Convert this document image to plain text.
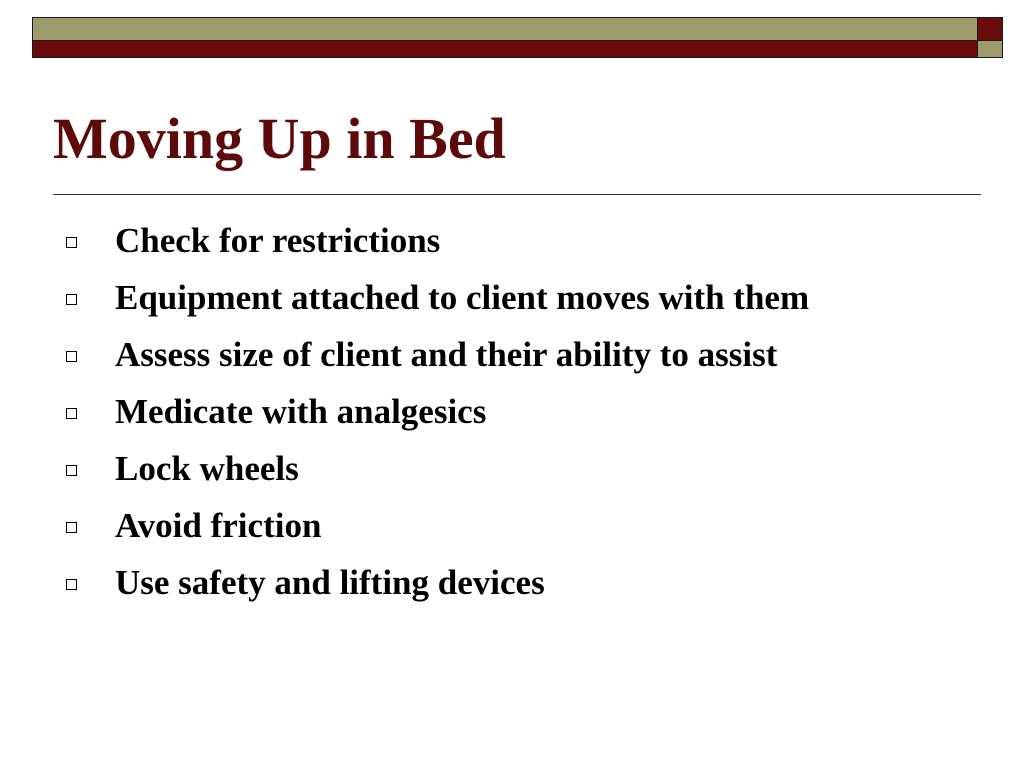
Moving Up in Bed
Check for restrictions
Equipment attached to client moves with them
Assess size of client and their ability to assist
Medicate with analgesics
Lock wheels
Avoid friction
Use safety and lifting devices
